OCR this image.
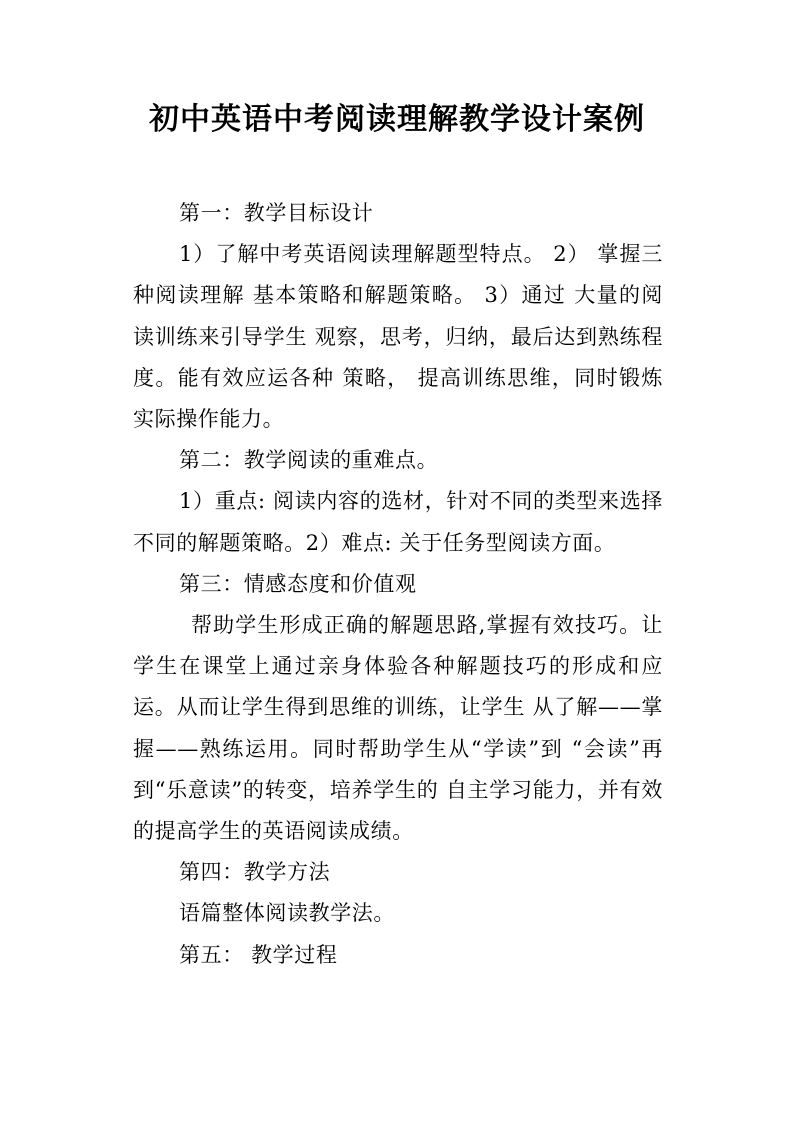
初中英语中考阅读理解教学设计案例

第一：教学目标设计

1）了解中考英语阅读理解题型特点。 2） 掌握三种阅读理解 基本策略和解题策略。 3）通过 大量的阅读训练来引导学生 观察，思考，归纳，最后达到熟练程度。能有效应运各种 策略， 提高训练思维，同时锻炼实际操作能力。

第二：教学阅读的重难点。

1）重点: 阅读内容的选材，针对不同的类型来选择不同的解题策略。2）难点: 关于任务型阅读方面。

第三：情感态度和价值观

帮助学生形成正确的解题思路,掌握有效技巧。让学生在课堂上通过亲身体验各种解题技巧的形成和应运。从而让学生得到思维的训练，让学生 从了解——掌握——熟练运用。同时帮助学生从“学读”到 “会读”再到“乐意读”的转变，培养学生的 自主学习能力，并有效的提高学生的英语阅读成绩。

第四：教学方法

语篇整体阅读教学法。

第五： 教学过程
